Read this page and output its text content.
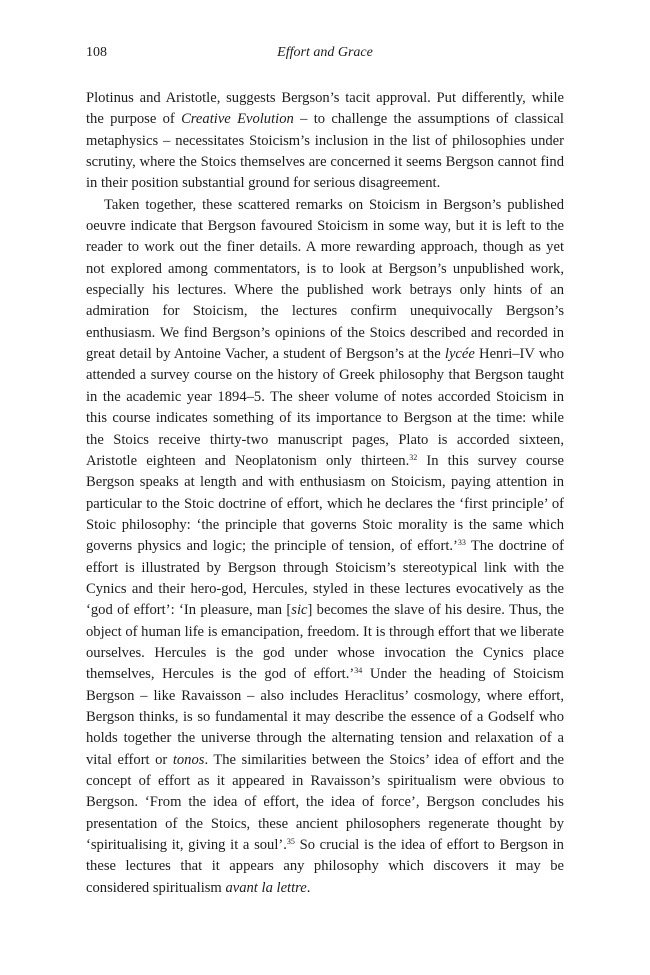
108	Effort and Grace

Plotinus and Aristotle, suggests Bergson’s tacit approval. Put differently, while the purpose of Creative Evolution – to challenge the assumptions of classical metaphysics – necessitates Stoicism’s inclusion in the list of philosophies under scrutiny, where the Stoics themselves are concerned it seems Bergson cannot find in their position substantial ground for serious disagreement.

Taken together, these scattered remarks on Stoicism in Bergson’s published oeuvre indicate that Bergson favoured Stoicism in some way, but it is left to the reader to work out the finer details. A more rewarding approach, though as yet not explored among commentators, is to look at Bergson’s unpublished work, especially his lectures. Where the published work betrays only hints of an admiration for Stoicism, the lectures confirm unequivocally Bergson’s enthusiasm. We find Bergson’s opinions of the Stoics described and recorded in great detail by Antoine Vacher, a student of Bergson’s at the lycée Henri–IV who attended a survey course on the history of Greek philosophy that Bergson taught in the academic year 1894–5. The sheer volume of notes accorded Stoicism in this course indicates something of its importance to Bergson at the time: while the Stoics receive thirty-two manuscript pages, Plato is accorded sixteen, Aristotle eighteen and Neoplatonism only thirteen.$^{32}$ In this survey course Bergson speaks at length and with enthusiasm on Stoicism, paying attention in particular to the Stoic doctrine of effort, which he declares the ‘first principle’ of Stoic philosophy: ‘the principle that governs Stoic morality is the same which governs physics and logic; the principle of tension, of effort.’$^{33}$ The doctrine of effort is illustrated by Bergson through Stoicism’s stereotypical link with the Cynics and their hero-god, Hercules, styled in these lectures evocatively as the ‘god of effort’: ‘In pleasure, man [sic] becomes the slave of his desire. Thus, the object of human life is emancipation, freedom. It is through effort that we liberate ourselves. Hercules is the god under whose invocation the Cynics place themselves, Hercules is the god of effort.’$^{34}$ Under the heading of Stoicism Bergson – like Ravaisson – also includes Heraclitus’ cosmology, where effort, Bergson thinks, is so fundamental it may describe the essence of a Godself who holds together the universe through the alternating tension and relaxation of a vital effort or tonos. The similarities between the Stoics’ idea of effort and the concept of effort as it appeared in Ravaisson’s spiritualism were obvious to Bergson. ‘From the idea of effort, the idea of force’, Bergson concludes his presentation of the Stoics, these ancient philosophers regenerate thought by ‘spiritualising it, giving it a soul’.$^{35}$ So crucial is the idea of effort to Bergson in these lectures that it appears any philosophy which discovers it may be considered spiritualism avant la lettre.
